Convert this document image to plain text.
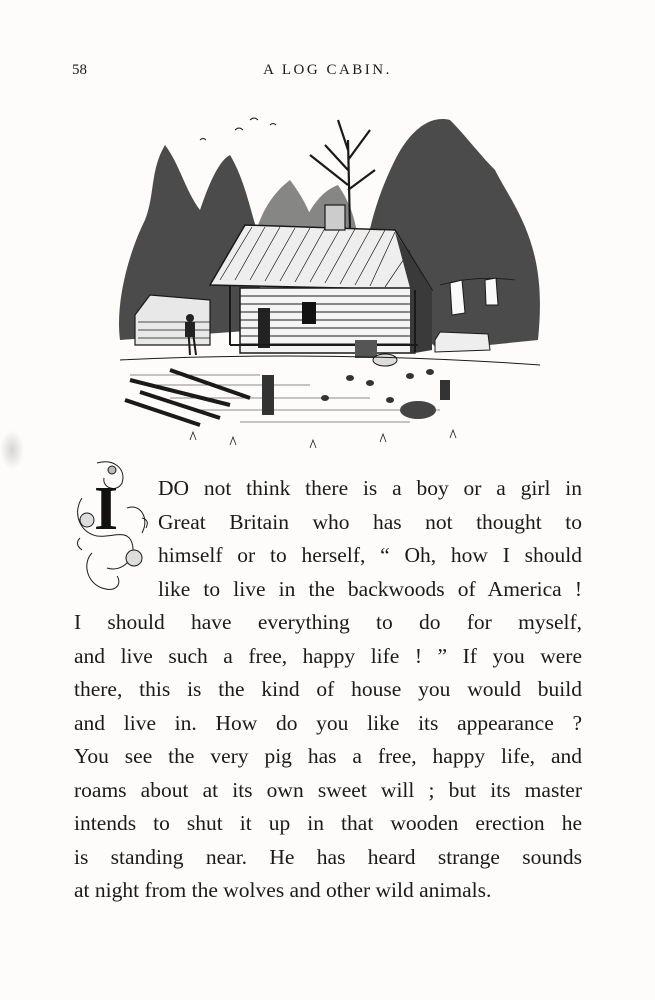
58	A LOG CABIN.
I	DO not think there is a boy or a girl in
Great Britain who has not thought to
himself or to herself, “ Oh, how I should
like to live in the backwoods of America !
I should have everything to do for myself,
and live such a free, happy life ! ” If you were
there, this is the kind of house you would build
and live in. How do you like its appearance ?
You see the very pig has a free, happy life, and
roams about at its own sweet will ; but its master
intends to shut it up in that wooden erection he
is standing near. He has heard strange sounds
at night from the wolves and other wild animals.
